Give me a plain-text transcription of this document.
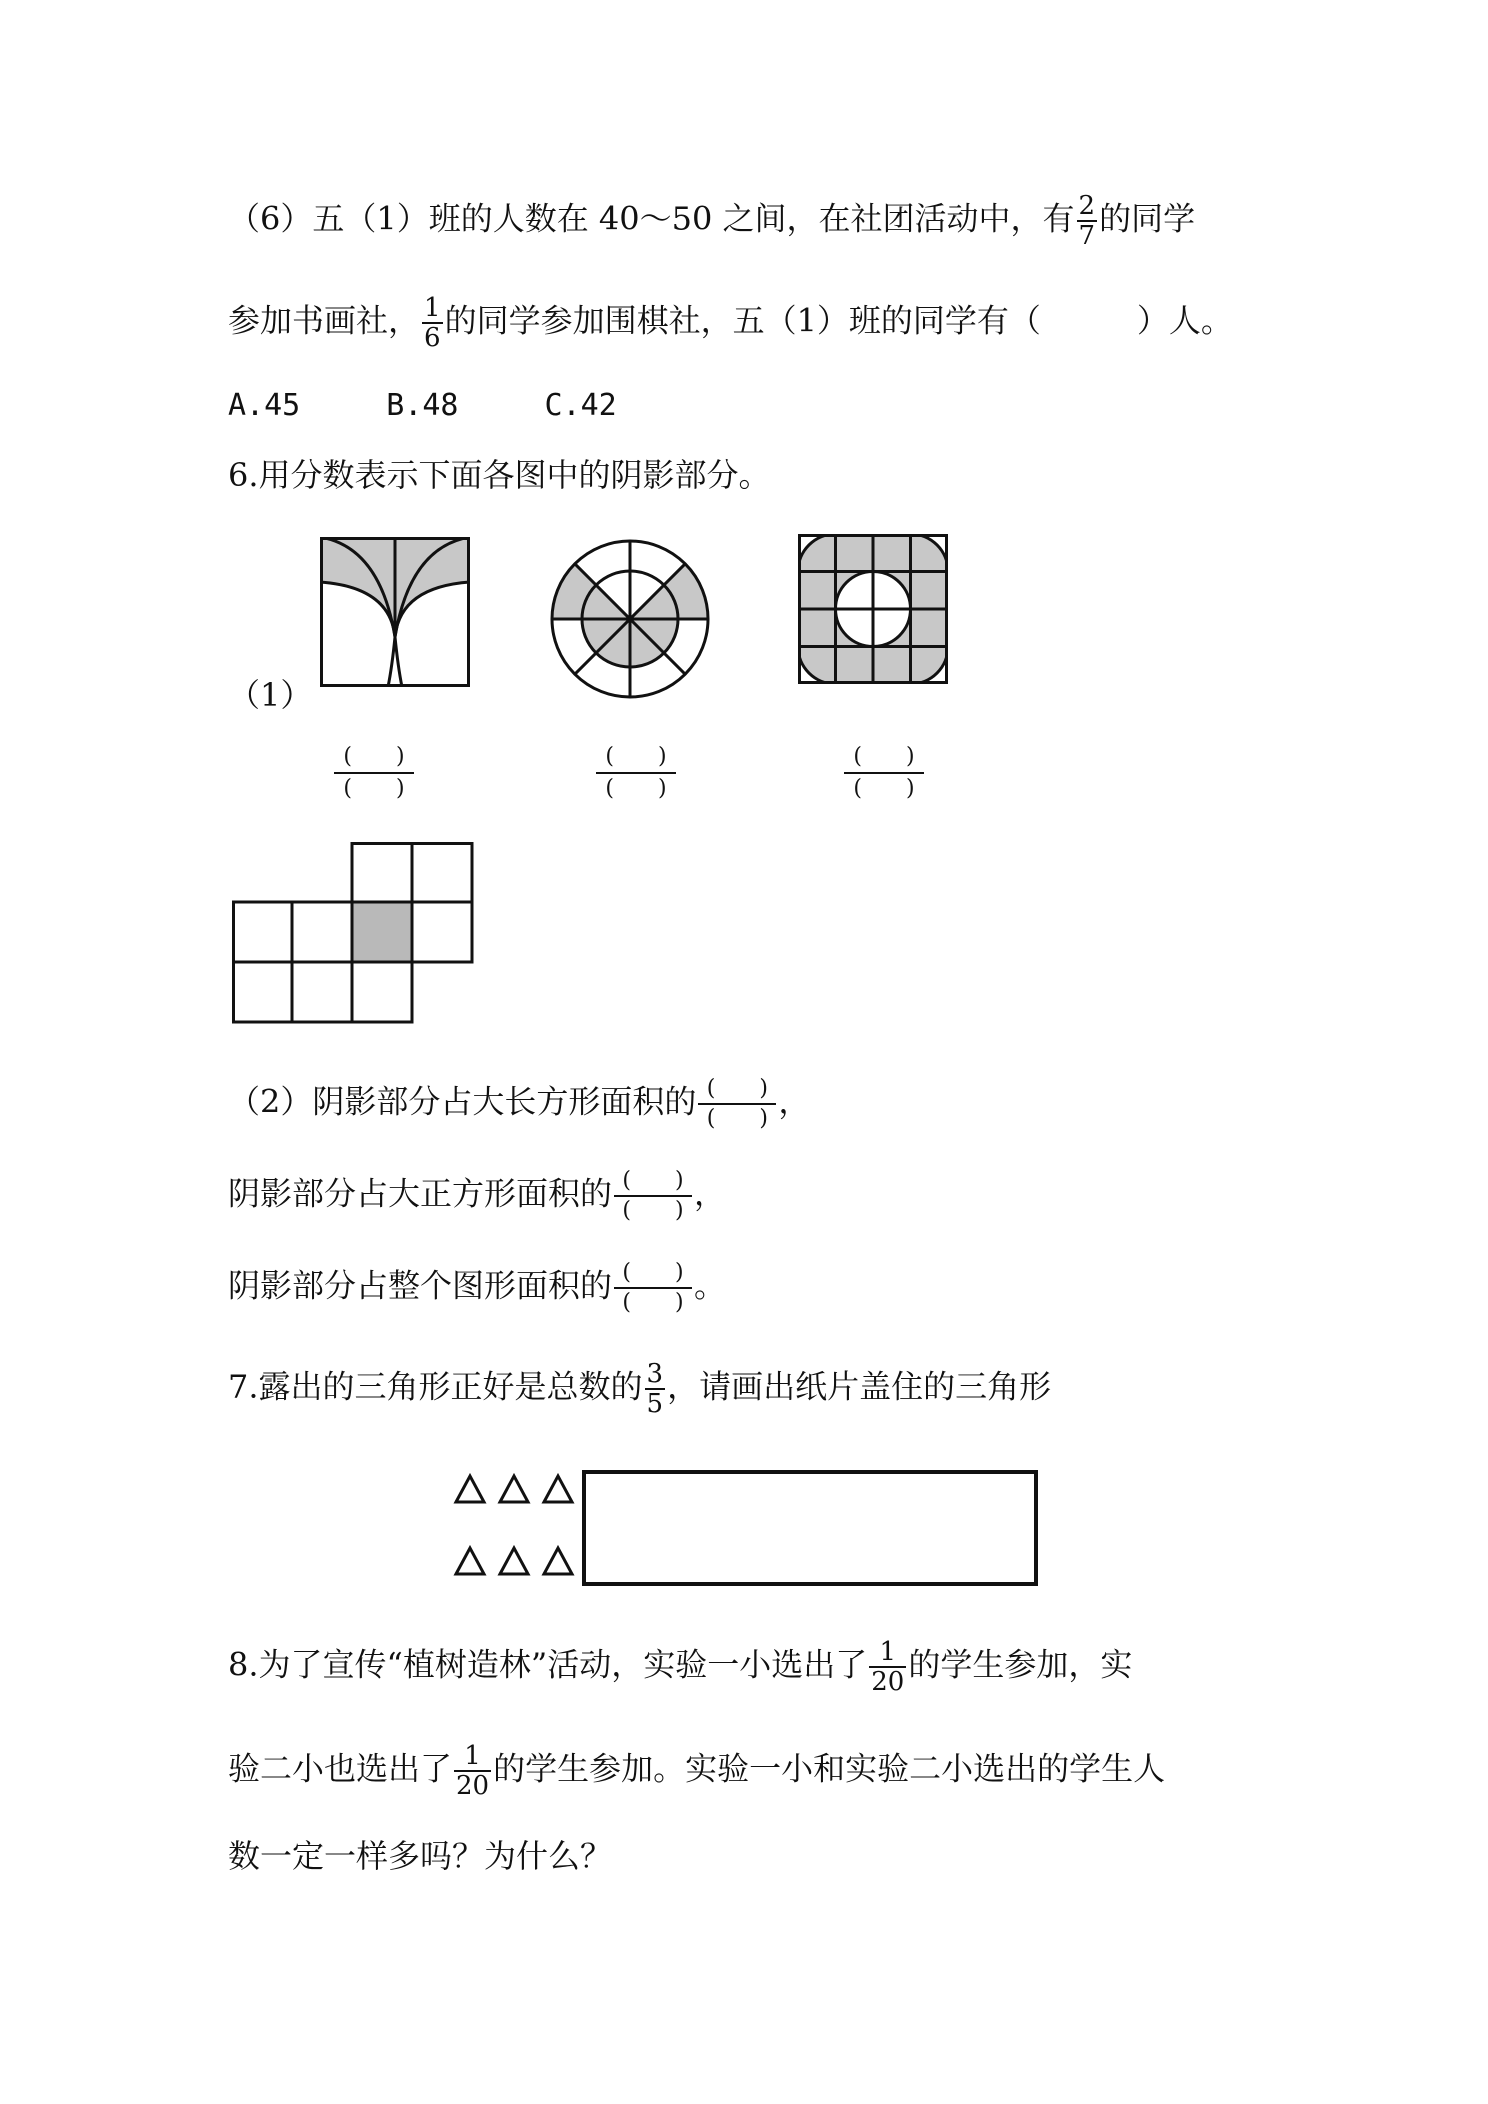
（6）五（1）班的人数在 40～50 之间，在社团活动中，有 $\frac{2}{7}$ 的同学
参加书画社， $\frac{1}{6}$ 的同学参加围棋社，五（1）班的同学有（　　　）人。
A.45	B.48	C.42
6.用分数表示下面各图中的阴影部分。
（1）
(　　)
(　　)
(　　)
(　　)
(　　)
(　　)
（2）阴影部分占大长方形面积的 $\frac{( )}{( )}$ ，
阴影部分占大正方形面积的 $\frac{( )}{( )}$ ，
阴影部分占整个图形面积的 $\frac{( )}{( )}$ 。
7.露出的三角形正好是总数的 $\frac{3}{5}$ ，请画出纸片盖住的三角形
8.为了宣传“植树造林”活动，实验一小选出了 $\frac{1}{20}$ 的学生参加，实
验二小也选出了 $\frac{1}{20}$ 的学生参加。实验一小和实验二小选出的学生人
数一定一样多吗？为什么？
